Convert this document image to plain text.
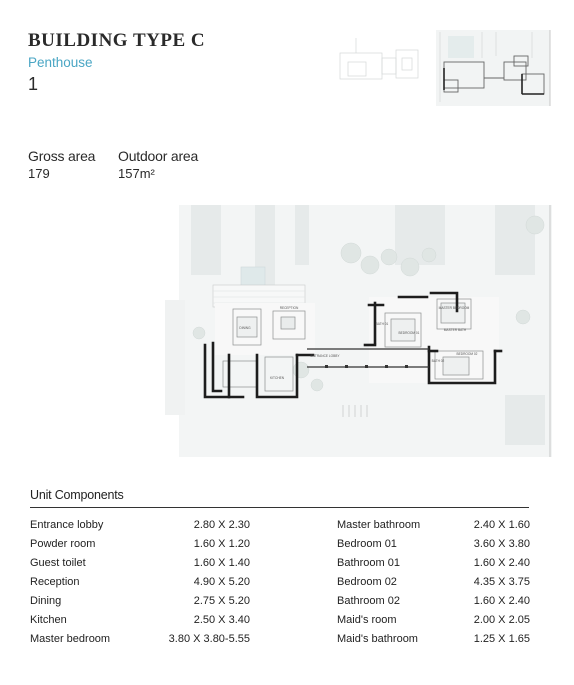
BUILDING TYPE C
Penthouse
1
Gross area
179
Outdoor area
157m²
RECEPTION
DINING
KITCHEN
ENTRANCE LOBBY
BEDROOM 01
MASTER BEDROOM
BATH 01
MASTER BATH
BEDROOM 02
BATH 02
Unit Components
Entrance lobby	2.80 X 2.30
Powder room	1.60 X 1.20
Guest toilet	1.60 X 1.40
Reception	4.90 X 5.20
Dining	2.75 X 5.20
Kitchen	2.50 X 3.40
Master bedroom	3.80 X 3.80-5.55
Master bathroom	2.40 X 1.60
Bedroom 01	3.60 X 3.80
Bathroom 01	1.60 X 2.40
Bedroom 02	4.35 X 3.75
Bathroom 02	1.60 X 2.40
Maid's room	2.00 X 2.05
Maid's bathroom	1.25 X 1.65
